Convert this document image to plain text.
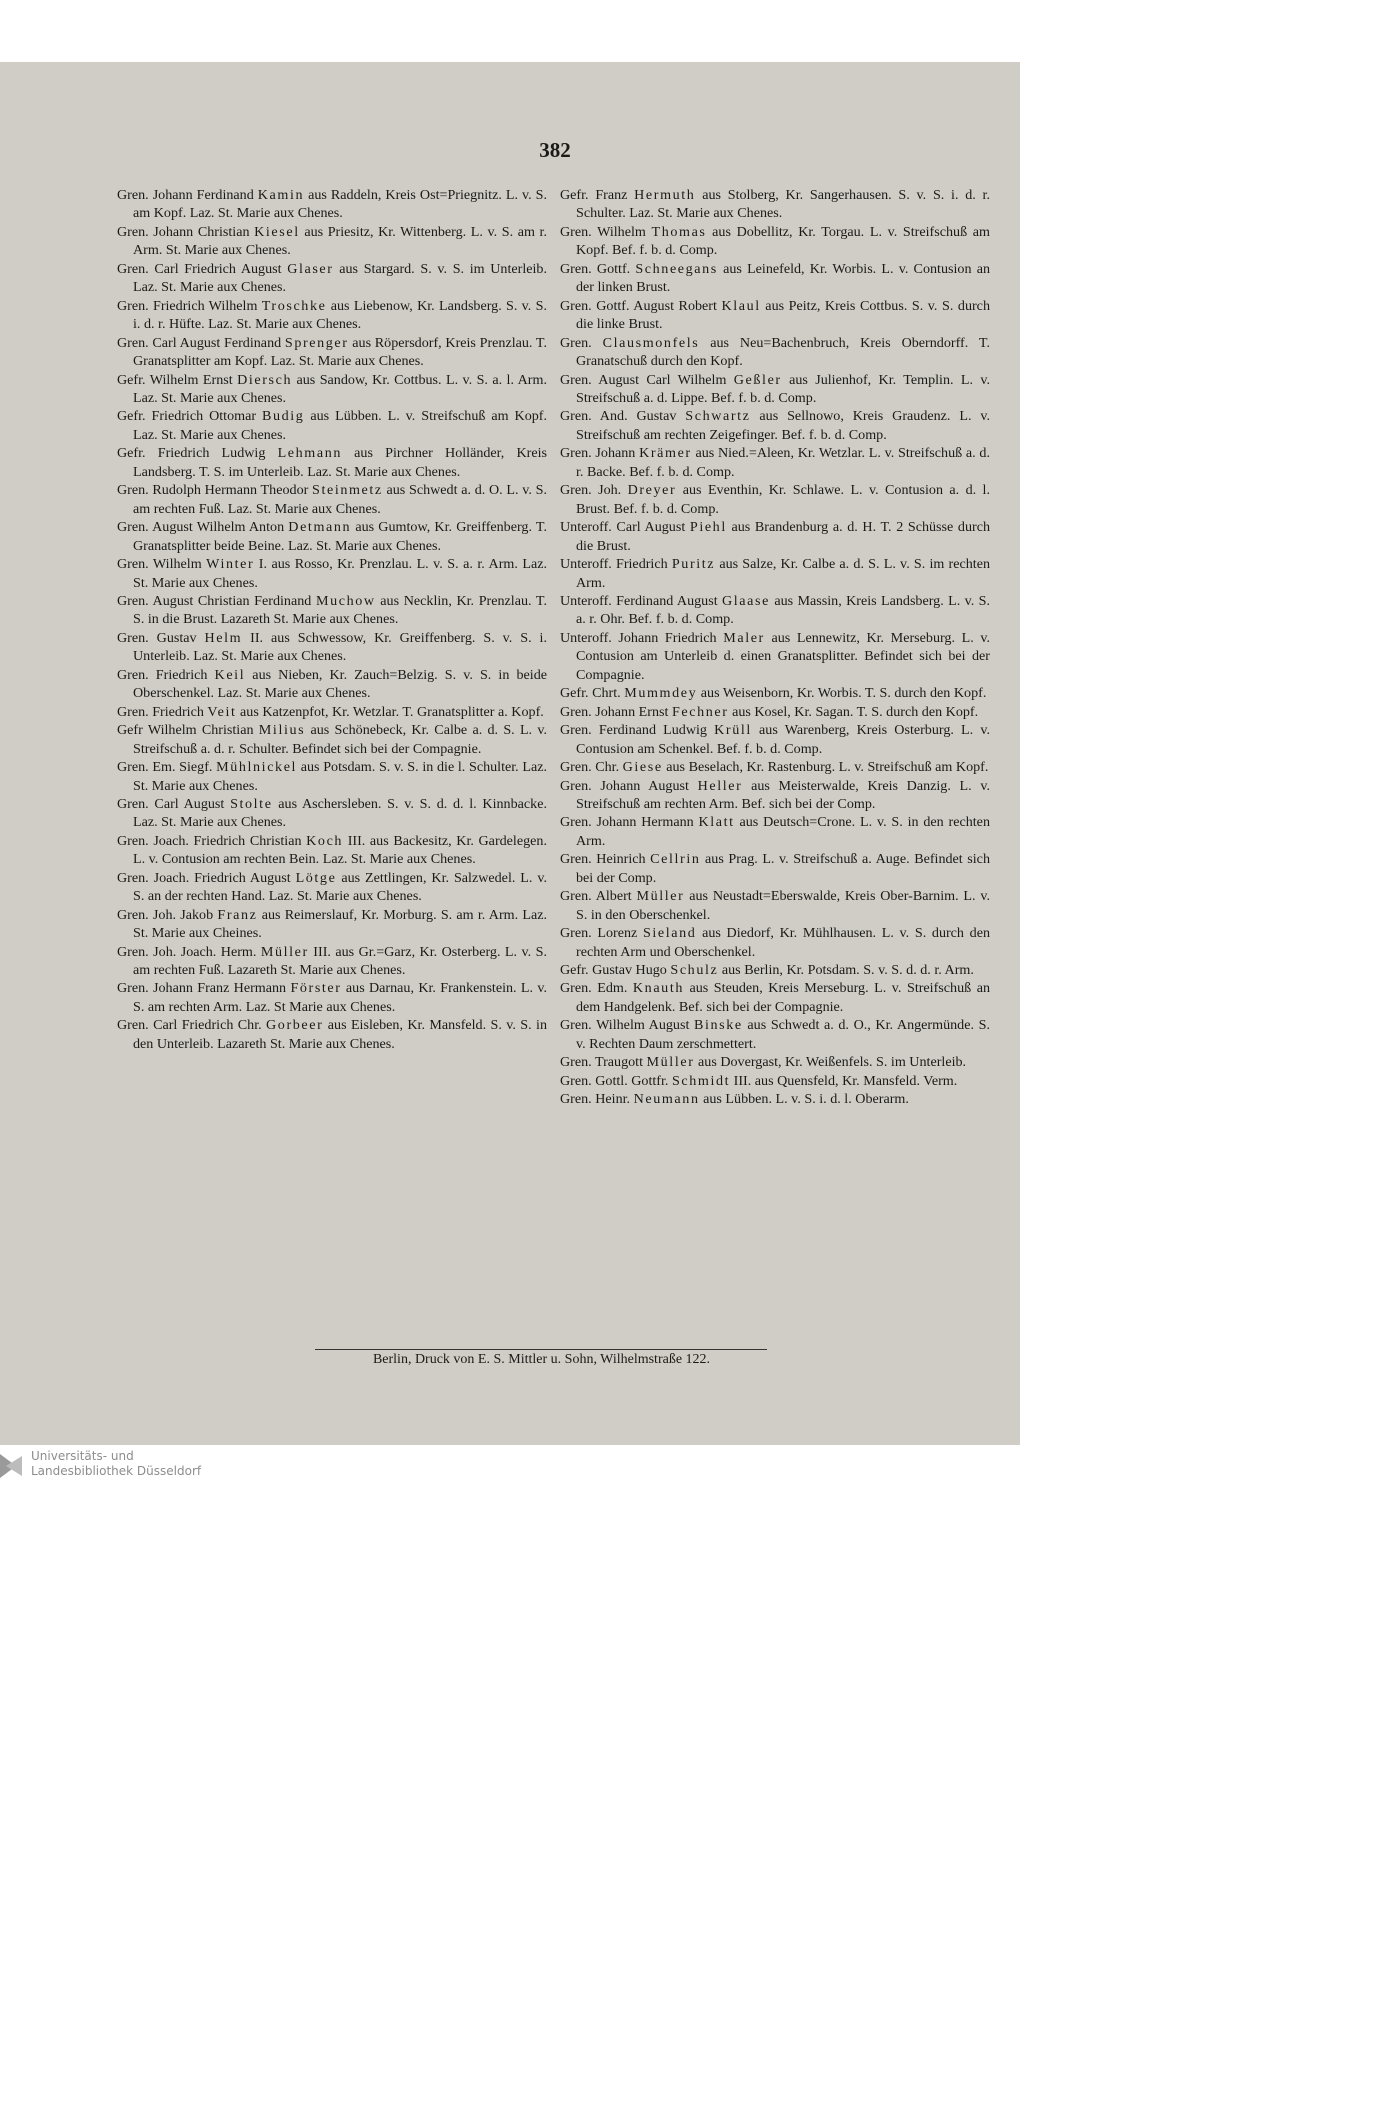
382

Gren. Johann Ferdinand Kamin aus Raddeln, Kreis Ost=Priegnitz. L. v. S. am Kopf. Laz. St. Marie aux Chenes.

Gren. Johann Christian Kiesel aus Priesitz, Kr. Wittenberg. L. v. S. am r. Arm. St. Marie aux Chenes.

Gren. Carl Friedrich August Glaser aus Stargard. S. v. S. im Unterleib. Laz. St. Marie aux Chenes.

Gren. Friedrich Wilhelm Troschke aus Liebenow, Kr. Landsberg. S. v. S. i. d. r. Hüfte. Laz. St. Marie aux Chenes.

Gren. Carl August Ferdinand Sprenger aus Röpersdorf, Kreis Prenzlau. T. Granatsplitter am Kopf. Laz. St. Marie aux Chenes.

Gefr. Wilhelm Ernst Diersch aus Sandow, Kr. Cottbus. L. v. S. a. l. Arm. Laz. St. Marie aux Chenes.

Gefr. Friedrich Ottomar Budig aus Lübben. L. v. Streifschuß am Kopf. Laz. St. Marie aux Chenes.

Gefr. Friedrich Ludwig Lehmann aus Pirchner Holländer, Kreis Landsberg. T. S. im Unterleib. Laz. St. Marie aux Chenes.

Gren. Rudolph Hermann Theodor Steinmetz aus Schwedt a. d. O. L. v. S. am rechten Fuß. Laz. St. Marie aux Chenes.

Gren. August Wilhelm Anton Detmann aus Gumtow, Kr. Greiffenberg. T. Granatsplitter beide Beine. Laz. St. Marie aux Chenes.

Gren. Wilhelm Winter I. aus Rosso, Kr. Prenzlau. L. v. S. a. r. Arm. Laz. St. Marie aux Chenes.

Gren. August Christian Ferdinand Muchow aus Necklin, Kr. Prenzlau. T. S. in die Brust. Lazareth St. Marie aux Chenes.

Gren. Gustav Helm II. aus Schwessow, Kr. Greiffenberg. S. v. S. i. Unterleib. Laz. St. Marie aux Chenes.

Gren. Friedrich Keil aus Nieben, Kr. Zauch=Belzig. S. v. S. in beide Oberschenkel. Laz. St. Marie aux Chenes.

Gren. Friedrich Veit aus Katzenpfot, Kr. Wetzlar. T. Granatsplitter a. Kopf.

Gefr Wilhelm Christian Milius aus Schönebeck, Kr. Calbe a. d. S. L. v. Streifschuß a. d. r. Schulter. Befindet sich bei der Compagnie.

Gren. Em. Siegf. Mühlnickel aus Potsdam. S. v. S. in die l. Schulter. Laz. St. Marie aux Chenes.

Gren. Carl August Stolte aus Aschersleben. S. v. S. d. d. l. Kinnbacke. Laz. St. Marie aux Chenes.

Gren. Joach. Friedrich Christian Koch III. aus Backesitz, Kr. Gardelegen. L. v. Contusion am rechten Bein. Laz. St. Marie aux Chenes.

Gren. Joach. Friedrich August Lötge aus Zettlingen, Kr. Salzwedel. L. v. S. an der rechten Hand. Laz. St. Marie aux Chenes.

Gren. Joh. Jakob Franz aus Reimerslauf, Kr. Morburg. S. am r. Arm. Laz. St. Marie aux Cheines.

Gren. Joh. Joach. Herm. Müller III. aus Gr.=Garz, Kr. Osterberg. L. v. S. am rechten Fuß. Lazareth St. Marie aux Chenes.

Gren. Johann Franz Hermann Förster aus Darnau, Kr. Frankenstein. L. v. S. am rechten Arm. Laz. St Marie aux Chenes.

Gren. Carl Friedrich Chr. Gorbeer aus Eisleben, Kr. Mansfeld. S. v. S. in den Unterleib. Lazareth St. Marie aux Chenes.

Gefr. Franz Hermuth aus Stolberg, Kr. Sangerhausen. S. v. S. i. d. r. Schulter. Laz. St. Marie aux Chenes.

Gren. Wilhelm Thomas aus Dobellitz, Kr. Torgau. L. v. Streifschuß am Kopf. Bef. f. b. d. Comp.

Gren. Gottf. Schneegans aus Leinefeld, Kr. Worbis. L. v. Contusion an der linken Brust.

Gren. Gottf. August Robert Klaul aus Peitz, Kreis Cottbus. S. v. S. durch die linke Brust.

Gren. Clausmonfels aus Neu=Bachenbruch, Kreis Oberndorff. T. Granatschuß durch den Kopf.

Gren. August Carl Wilhelm Geßler aus Julienhof, Kr. Templin. L. v. Streifschuß a. d. Lippe. Bef. f. b. d. Comp.

Gren. And. Gustav Schwartz aus Sellnowo, Kreis Graudenz. L. v. Streifschuß am rechten Zeigefinger. Bef. f. b. d. Comp.

Gren. Johann Krämer aus Nied.=Aleen, Kr. Wetzlar. L. v. Streifschuß a. d. r. Backe. Bef. f. b. d. Comp.

Gren. Joh. Dreyer aus Eventhin, Kr. Schlawe. L. v. Contusion a. d. l. Brust. Bef. f. b. d. Comp.

Unteroff. Carl August Piehl aus Brandenburg a. d. H. T. 2 Schüsse durch die Brust.

Unteroff. Friedrich Puritz aus Salze, Kr. Calbe a. d. S. L. v. S. im rechten Arm.

Unteroff. Ferdinand August Glaase aus Massin, Kreis Landsberg. L. v. S. a. r. Ohr. Bef. f. b. d. Comp.

Unteroff. Johann Friedrich Maler aus Lennewitz, Kr. Merseburg. L. v. Contusion am Unterleib d. einen Granatsplitter. Befindet sich bei der Compagnie.

Gefr. Chrt. Mummdey aus Weisenborn, Kr. Worbis. T. S. durch den Kopf.

Gren. Johann Ernst Fechner aus Kosel, Kr. Sagan. T. S. durch den Kopf.

Gren. Ferdinand Ludwig Krüll aus Warenberg, Kreis Osterburg. L. v. Contusion am Schenkel. Bef. f. b. d. Comp.

Gren. Chr. Giese aus Beselach, Kr. Rastenburg. L. v. Streifschuß am Kopf.

Gren. Johann August Heller aus Meisterwalde, Kreis Danzig. L. v. Streifschuß am rechten Arm. Bef. sich bei der Comp.

Gren. Johann Hermann Klatt aus Deutsch=Crone. L. v. S. in den rechten Arm.

Gren. Heinrich Cellrin aus Prag. L. v. Streifschuß a. Auge. Befindet sich bei der Comp.

Gren. Albert Müller aus Neustadt=Eberswalde, Kreis Ober-Barnim. L. v. S. in den Oberschenkel.

Gren. Lorenz Sieland aus Diedorf, Kr. Mühlhausen. L. v. S. durch den rechten Arm und Oberschenkel.

Gefr. Gustav Hugo Schulz aus Berlin, Kr. Potsdam. S. v. S. d. d. r. Arm.

Gren. Edm. Knauth aus Steuden, Kreis Merseburg. L. v. Streifschuß an dem Handgelenk. Bef. sich bei der Compagnie.

Gren. Wilhelm August Binske aus Schwedt a. d. O., Kr. Angermünde. S. v. Rechten Daum zerschmettert.

Gren. Traugott Müller aus Dovergast, Kr. Weißenfels. S. im Unterleib.

Gren. Gottl. Gottfr. Schmidt III. aus Quensfeld, Kr. Mansfeld. Verm.

Gren. Heinr. Neumann aus Lübben. L. v. S. i. d. l. Oberarm.

Berlin, Druck von E. S. Mittler u. Sohn, Wilhelmstraße 122.
Universitäts- und
Landesbibliothek Düsseldorf
